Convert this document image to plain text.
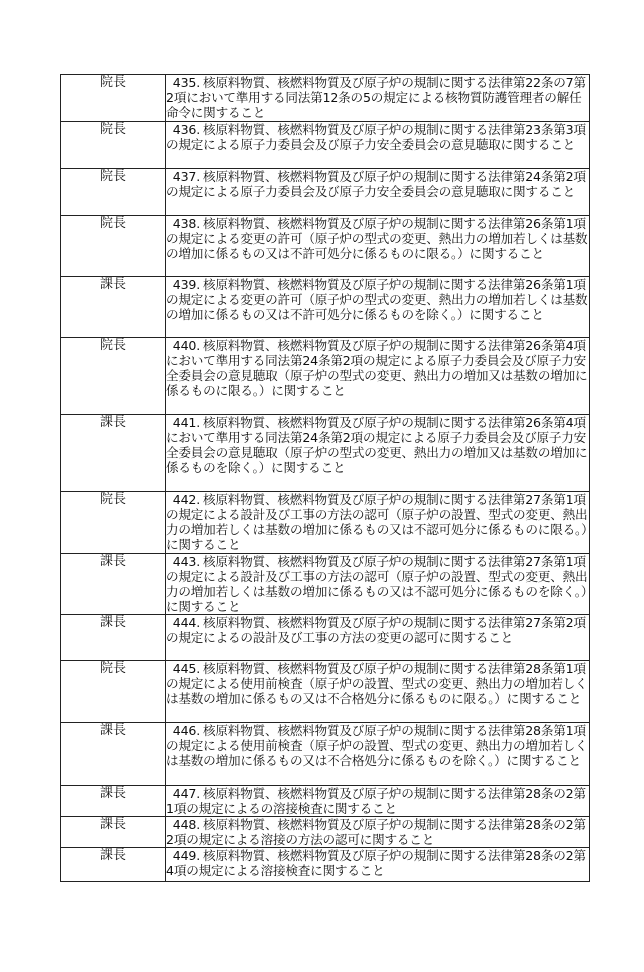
院長	435. 核原料物質、核燃料物質及び原子炉の規制に関する法律第22条の7第2項において準用する同法第12条の5の規定による核物質防護管理者の解任命令に関すること
院長	436. 核原料物質、核燃料物質及び原子炉の規制に関する法律第23条第3項の規定による原子力委員会及び原子力安全委員会の意見聴取に関すること
院長	437. 核原料物質、核燃料物質及び原子炉の規制に関する法律第24条第2項の規定による原子力委員会及び原子力安全委員会の意見聴取に関すること
院長	438. 核原料物質、核燃料物質及び原子炉の規制に関する法律第26条第1項の規定による変更の許可（原子炉の型式の変更、熱出力の増加若しくは基数の増加に係るもの又は不許可処分に係るものに限る。）に関すること
課長	439. 核原料物質、核燃料物質及び原子炉の規制に関する法律第26条第1項の規定による変更の許可（原子炉の型式の変更、熱出力の増加若しくは基数の増加に係るもの又は不許可処分に係るものを除く。）に関すること
院長	440. 核原料物質、核燃料物質及び原子炉の規制に関する法律第26条第4項において準用する同法第24条第2項の規定による原子力委員会及び原子力安全委員会の意見聴取（原子炉の型式の変更、熱出力の増加又は基数の増加に係るものに限る。）に関すること
課長	441. 核原料物質、核燃料物質及び原子炉の規制に関する法律第26条第4項において準用する同法第24条第2項の規定による原子力委員会及び原子力安全委員会の意見聴取（原子炉の型式の変更、熱出力の増加又は基数の増加に係るものを除く。）に関すること
院長	442. 核原料物質、核燃料物質及び原子炉の規制に関する法律第27条第1項の規定による設計及び工事の方法の認可（原子炉の設置、型式の変更、熱出力の増加若しくは基数の増加に係るもの又は不認可処分に係るものに限る。）に関すること
課長	443. 核原料物質、核燃料物質及び原子炉の規制に関する法律第27条第1項の規定による設計及び工事の方法の認可（原子炉の設置、型式の変更、熱出力の増加若しくは基数の増加に係るもの又は不認可処分に係るものを除く。）に関すること
課長	444. 核原料物質、核燃料物質及び原子炉の規制に関する法律第27条第2項の規定によるの設計及び工事の方法の変更の認可に関すること
院長	445. 核原料物質、核燃料物質及び原子炉の規制に関する法律第28条第1項の規定による使用前検査（原子炉の設置、型式の変更、熱出力の増加若しくは基数の増加に係るもの又は不合格処分に係るものに限る。）に関すること
課長	446. 核原料物質、核燃料物質及び原子炉の規制に関する法律第28条第1項の規定による使用前検査（原子炉の設置、型式の変更、熱出力の増加若しくは基数の増加に係るもの又は不合格処分に係るものを除く。）に関すること
課長	447. 核原料物質、核燃料物質及び原子炉の規制に関する法律第28条の2第1項の規定によるの溶接検査に関すること
課長	448. 核原料物質、核燃料物質及び原子炉の規制に関する法律第28条の2第2項の規定による溶接の方法の認可に関すること
課長	449. 核原料物質、核燃料物質及び原子炉の規制に関する法律第28条の2第4項の規定による溶接検査に関すること
